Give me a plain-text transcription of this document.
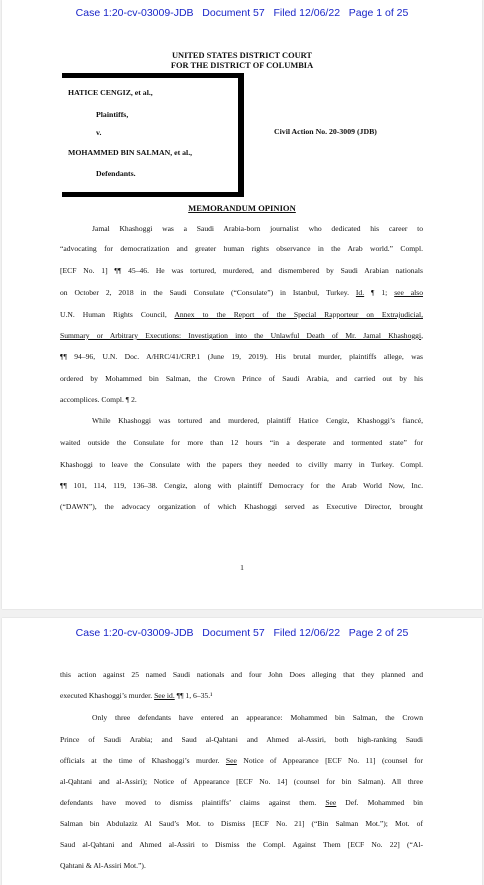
Case 1:20-cv-03009-JDB   Document 57   Filed 12/06/22   Page 1 of 25
UNITED STATES DISTRICT COURT
FOR THE DISTRICT OF COLUMBIA
HATICE CENGIZ, et al.,
Plaintiffs,
v.
MOHAMMED BIN SALMAN, et al.,
Defendants.
Civil Action No. 20-3009 (JDB)
MEMORANDUM OPINION
Jamal Khashoggi was a Saudi Arabia-born journalist who dedicated his career to
“advocating for democratization and greater human rights observance in the Arab world.” Compl.
[ECF No. 1] ¶¶ 45–46. He was tortured, murdered, and dismembered by Saudi Arabian nationals
on October 2, 2018 in the Saudi Consulate (“Consulate”) in Istanbul, Turkey. Id. ¶ 1; see also
U.N. Human Rights Council, Annex to the Report of the Special Rapporteur on Extrajudicial,
Summary or Arbitrary Executions: Investigation into the Unlawful Death of Mr. Jamal Khashoggi,
¶¶ 94–96, U.N. Doc. A/HRC/41/CRP.1 (June 19, 2019). His brutal murder, plaintiffs allege, was
ordered by Mohammed bin Salman, the Crown Prince of Saudi Arabia, and carried out by his
accomplices. Compl. ¶ 2.
While Khashoggi was tortured and murdered, plaintiff Hatice Cengiz, Khashoggi’s fiancé,
waited outside the Consulate for more than 12 hours “in a desperate and tormented state” for
Khashoggi to leave the Consulate with the papers they needed to civilly marry in Turkey. Compl.
¶¶ 101, 114, 119, 136–38. Cengiz, along with plaintiff Democracy for the Arab World Now, Inc.
(“DAWN”), the advocacy organization of which Khashoggi served as Executive Director, brought
1
Case 1:20-cv-03009-JDB   Document 57   Filed 12/06/22   Page 2 of 25
this action against 25 named Saudi nationals and four John Does alleging that they planned and
executed Khashoggi’s murder. See id. ¶¶ 1, 6–35.¹
Only three defendants have entered an appearance: Mohammed bin Salman, the Crown
Prince of Saudi Arabia; and Saud al-Qahtani and Ahmed al-Assiri, both high-ranking Saudi
officials at the time of Khashoggi’s murder. See Notice of Appearance [ECF No. 11] (counsel for
al-Qahtani and al-Assiri); Notice of Appearance [ECF No. 14] (counsel for bin Salman). All three
defendants have moved to dismiss plaintiffs’ claims against them. See Def. Mohammed bin
Salman bin Abdulaziz Al Saud’s Mot. to Dismiss [ECF No. 21] (“Bin Salman Mot.”); Mot. of
Saud al-Qahtani and Ahmed al-Assiri to Dismiss the Compl. Against Them [ECF No. 22] (“Al-
Qahtani & Al-Assiri Mot.”).
